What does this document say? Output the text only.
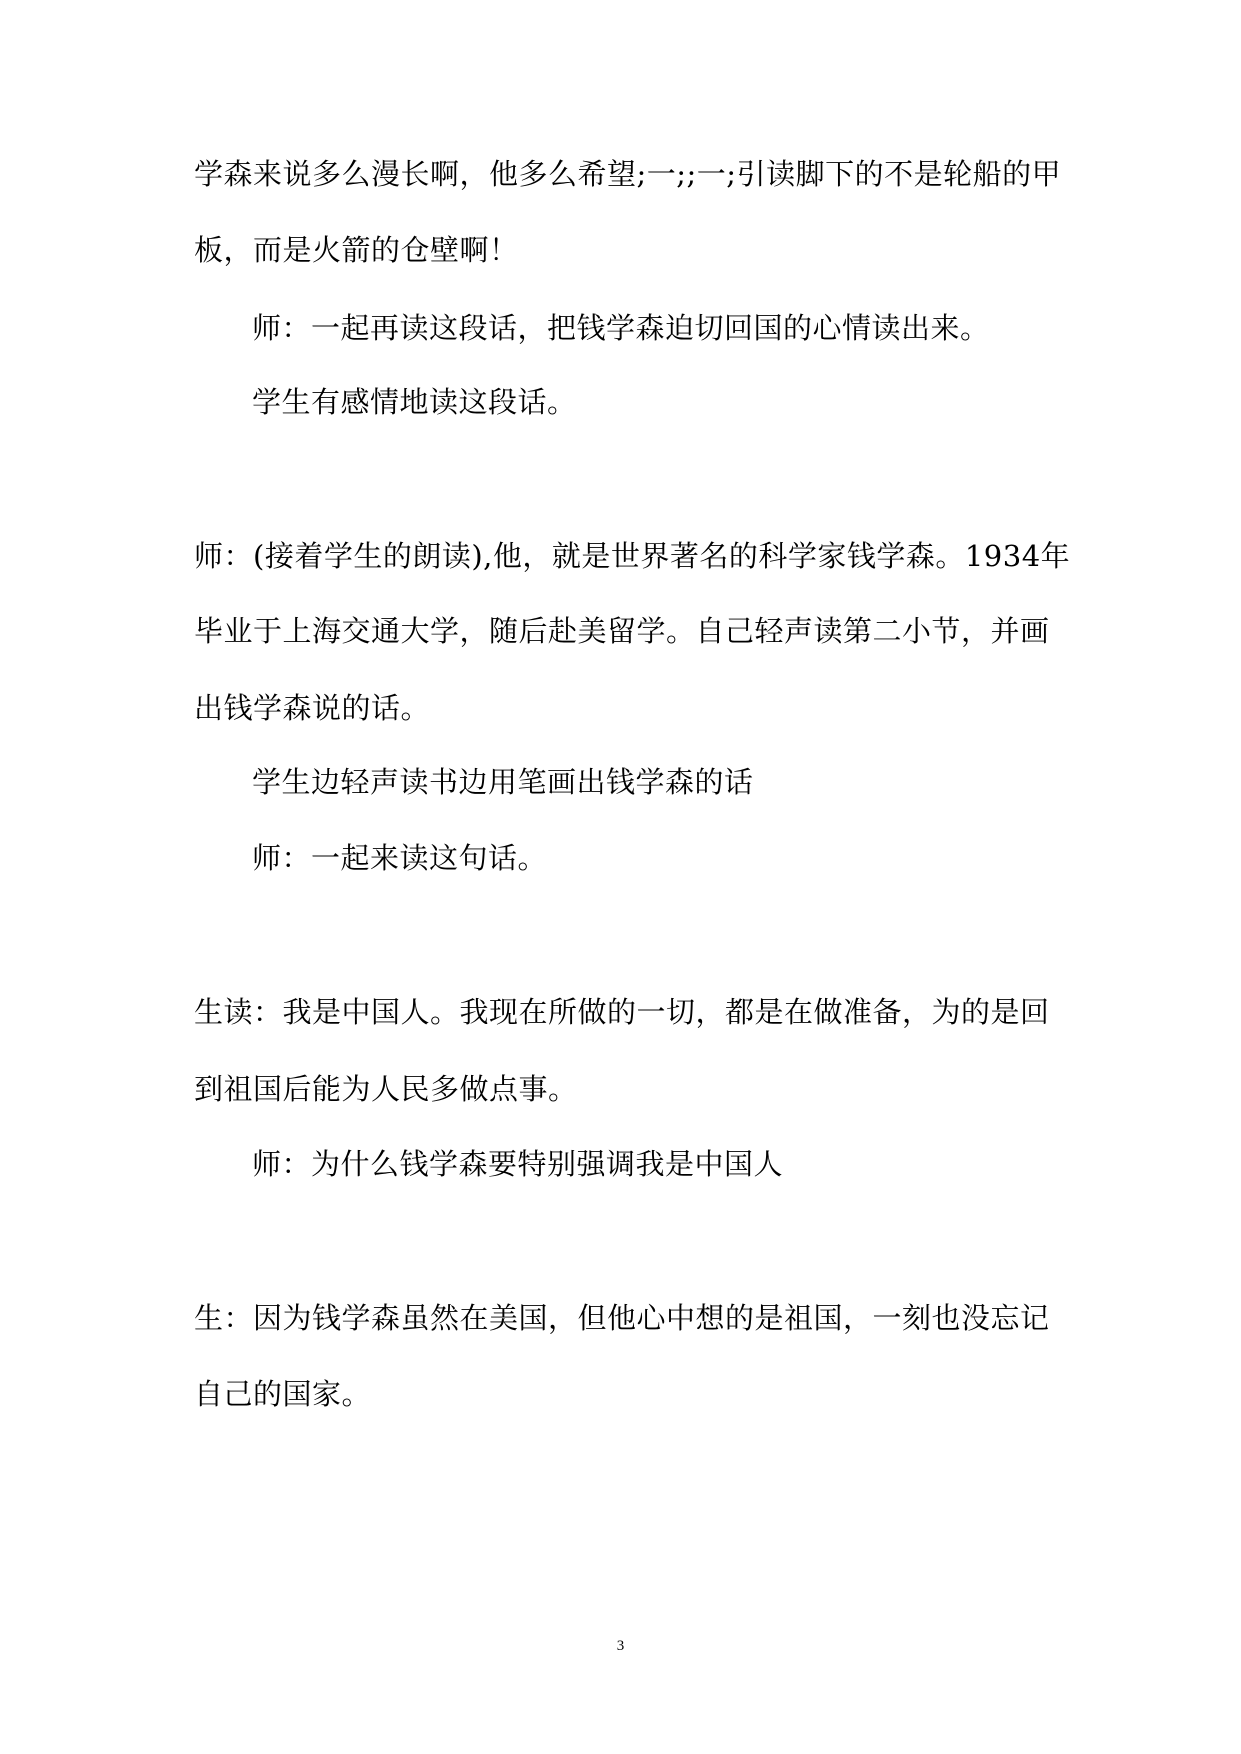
学森来说多么漫长啊，他多么希望;一;;一;引读脚下的不是轮船的甲
板，而是火箭的仓壁啊！
师：一起再读这段话，把钱学森迫切回国的心情读出来。
学生有感情地读这段话。
师：(接着学生的朗读),他，就是世界著名的科学家钱学森。1934年
毕业于上海交通大学，随后赴美留学。自己轻声读第二小节，并画
出钱学森说的话。
学生边轻声读书边用笔画出钱学森的话
师：一起来读这句话。
生读：我是中国人。我现在所做的一切，都是在做准备，为的是回
到祖国后能为人民多做点事。
师：为什么钱学森要特别强调我是中国人
生：因为钱学森虽然在美国，但他心中想的是祖国，一刻也没忘记
自己的国家。
3
